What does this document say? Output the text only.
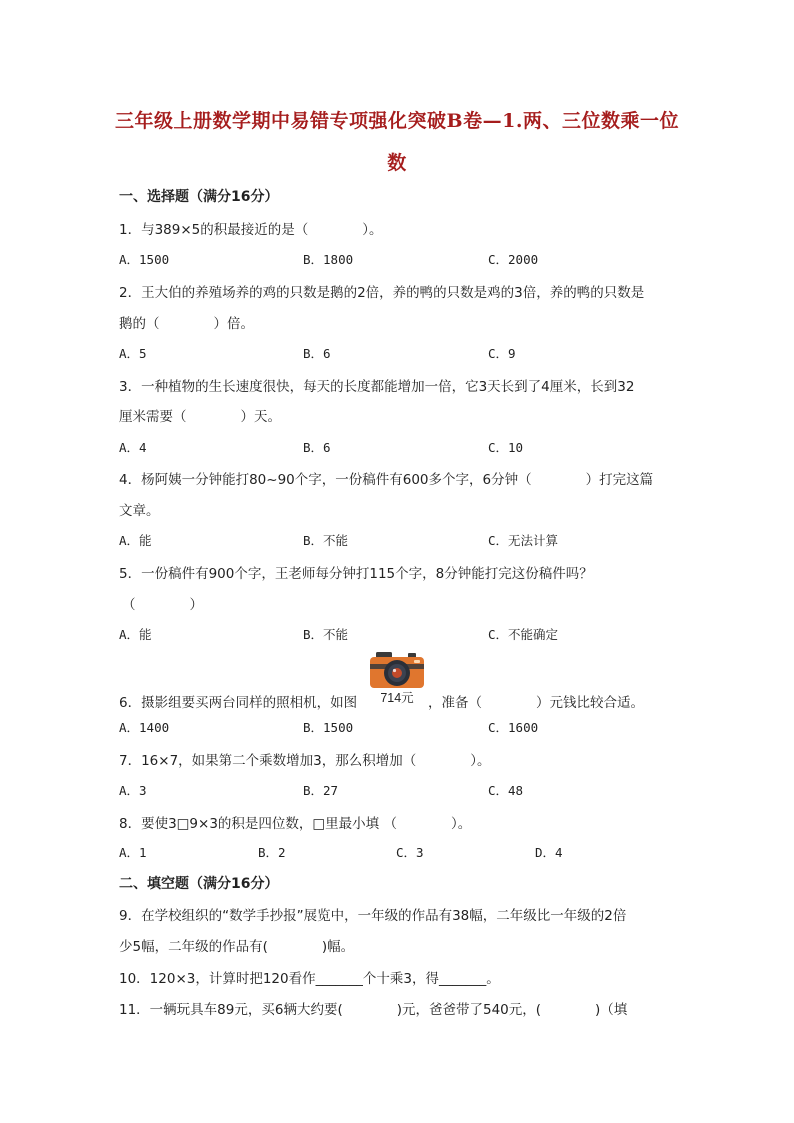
三年级上册数学期中易错专项强化突破B卷—1.两、三位数乘一位
数
一、选择题（满分16分）
1．与389×5的积最接近的是（　　　　）。
A．1500	B．1800	C．2000
2．王大伯的养殖场养的鸡的只数是鹅的2倍，养的鸭的只数是鸡的3倍，养的鸭的只数是
鹅的（　　　　）倍。
A．5	B．6	C．9
3．一种植物的生长速度很快，每天的长度都能增加一倍，它3天长到了4厘米，长到32
厘米需要（　　　　）天。
A．4	B．6	C．10
4．杨阿姨一分钟能打80~90个字，一份稿件有600多个字，6分钟（　　　　）打完这篇
文章。
A．能	B．不能	C．无法计算
5．一份稿件有900个字，王老师每分钟打115个字，8分钟能打完这份稿件吗？
（　　　　）
A．能	B．不能	C．不能确定
6．摄影组要买两台同样的照相机，如图	714元	，准备（　　　　）元钱比较合适。
A．1400	B．1500	C．1600
7．16×7，如果第二个乘数增加3，那么积增加（　　　　）。
A．3	B．27	C．48
8．要使3□9×3的积是四位数，□里最小填 （　　　　）。
A．1	B．2	C．3	D．4
二、填空题（满分16分）
9．在学校组织的“数学手抄报”展览中，一年级的作品有38幅，二年级比一年级的2倍
少5幅，二年级的作品有(　　　　)幅。
10．120×3，计算时把120看作_______个十乘3，得_______。
11．一辆玩具车89元，买6辆大约要(　　　　)元，爸爸带了540元，(　　　　)（填
